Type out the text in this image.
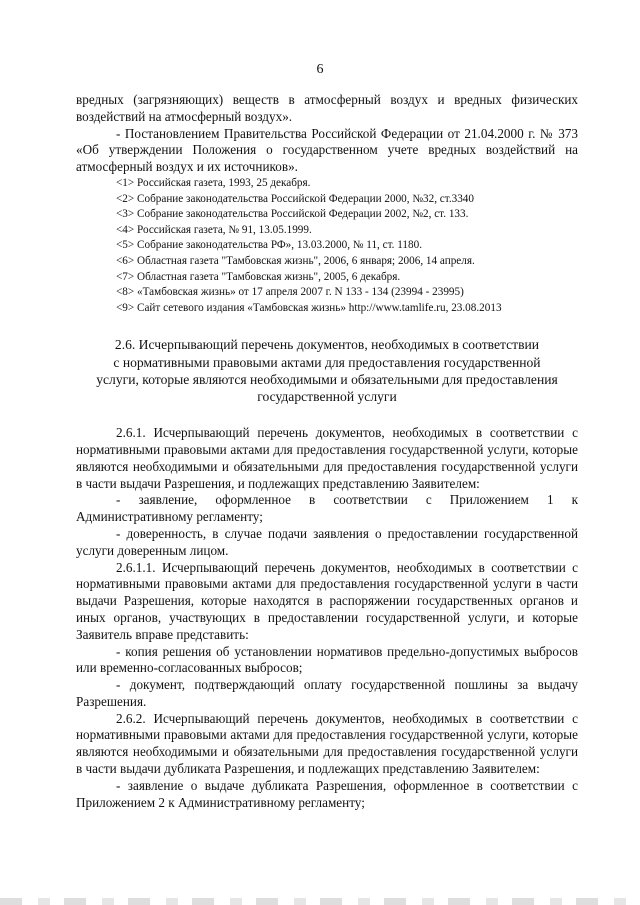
6

вредных (загрязняющих) веществ в атмосферный воздух и вредных физических воздействий на атмосферный воздух».

- Постановлением Правительства Российской Федерации от 21.04.2000 г. № 373 «Об утверждении Положения о государственном учете вредных воздействий на атмосферный воздух и их источников».

<1> Российская газета, 1993, 25 декабря.

<2> Собрание законодательства Российской Федерации 2000, №32, ст.3340

<3> Собрание законодательства Российской Федерации 2002, №2, ст. 133.

<4> Российская газета, № 91, 13.05.1999.

<5> Собрание законодательства РФ», 13.03.2000, № 11, ст. 1180.

<6> Областная газета "Тамбовская жизнь", 2006, 6 января; 2006, 14 апреля.

<7> Областная газета "Тамбовская жизнь", 2005, 6 декабря.

<8> «Тамбовская жизнь» от 17 апреля 2007 г. N 133 - 134 (23994 - 23995)

<9> Сайт сетевого издания «Тамбовская жизнь» http://www.tamlife.ru, 23.08.2013

2.6. Исчерпывающий перечень документов, необходимых в соответствии
с нормативными правовыми актами для предоставления государственной
услуги, которые являются необходимыми и обязательными для предоставления
государственной услуги

2.6.1. Исчерпывающий перечень документов, необходимых в соответствии с нормативными правовыми актами для предоставления государственной услуги, которые являются необходимыми и обязательными для предоставления государственной услуги в части выдачи Разрешения, и подлежащих представлению Заявителем:

- заявление, оформленное в соответствии с Приложением 1 к Административному регламенту;

- доверенность, в случае подачи заявления о предоставлении государственной услуги доверенным лицом.

2.6.1.1. Исчерпывающий перечень документов, необходимых в соответствии с нормативными правовыми актами для предоставления государственной услуги в части выдачи Разрешения, которые находятся в распоряжении государственных органов и иных органов, участвующих в предоставлении государственной услуги, и которые Заявитель вправе представить:

- копия решения об установлении нормативов предельно-допустимых выбросов или временно-согласованных выбросов;

- документ, подтверждающий оплату государственной пошлины за выдачу Разрешения.

2.6.2. Исчерпывающий перечень документов, необходимых в соответствии с нормативными правовыми актами для предоставления государственной услуги, которые являются необходимыми и обязательными для предоставления государственной услуги в части выдачи дубликата Разрешения, и подлежащих представлению Заявителем:

- заявление о выдаче дубликата Разрешения, оформленное в соответствии с Приложением 2 к Административному регламенту;
